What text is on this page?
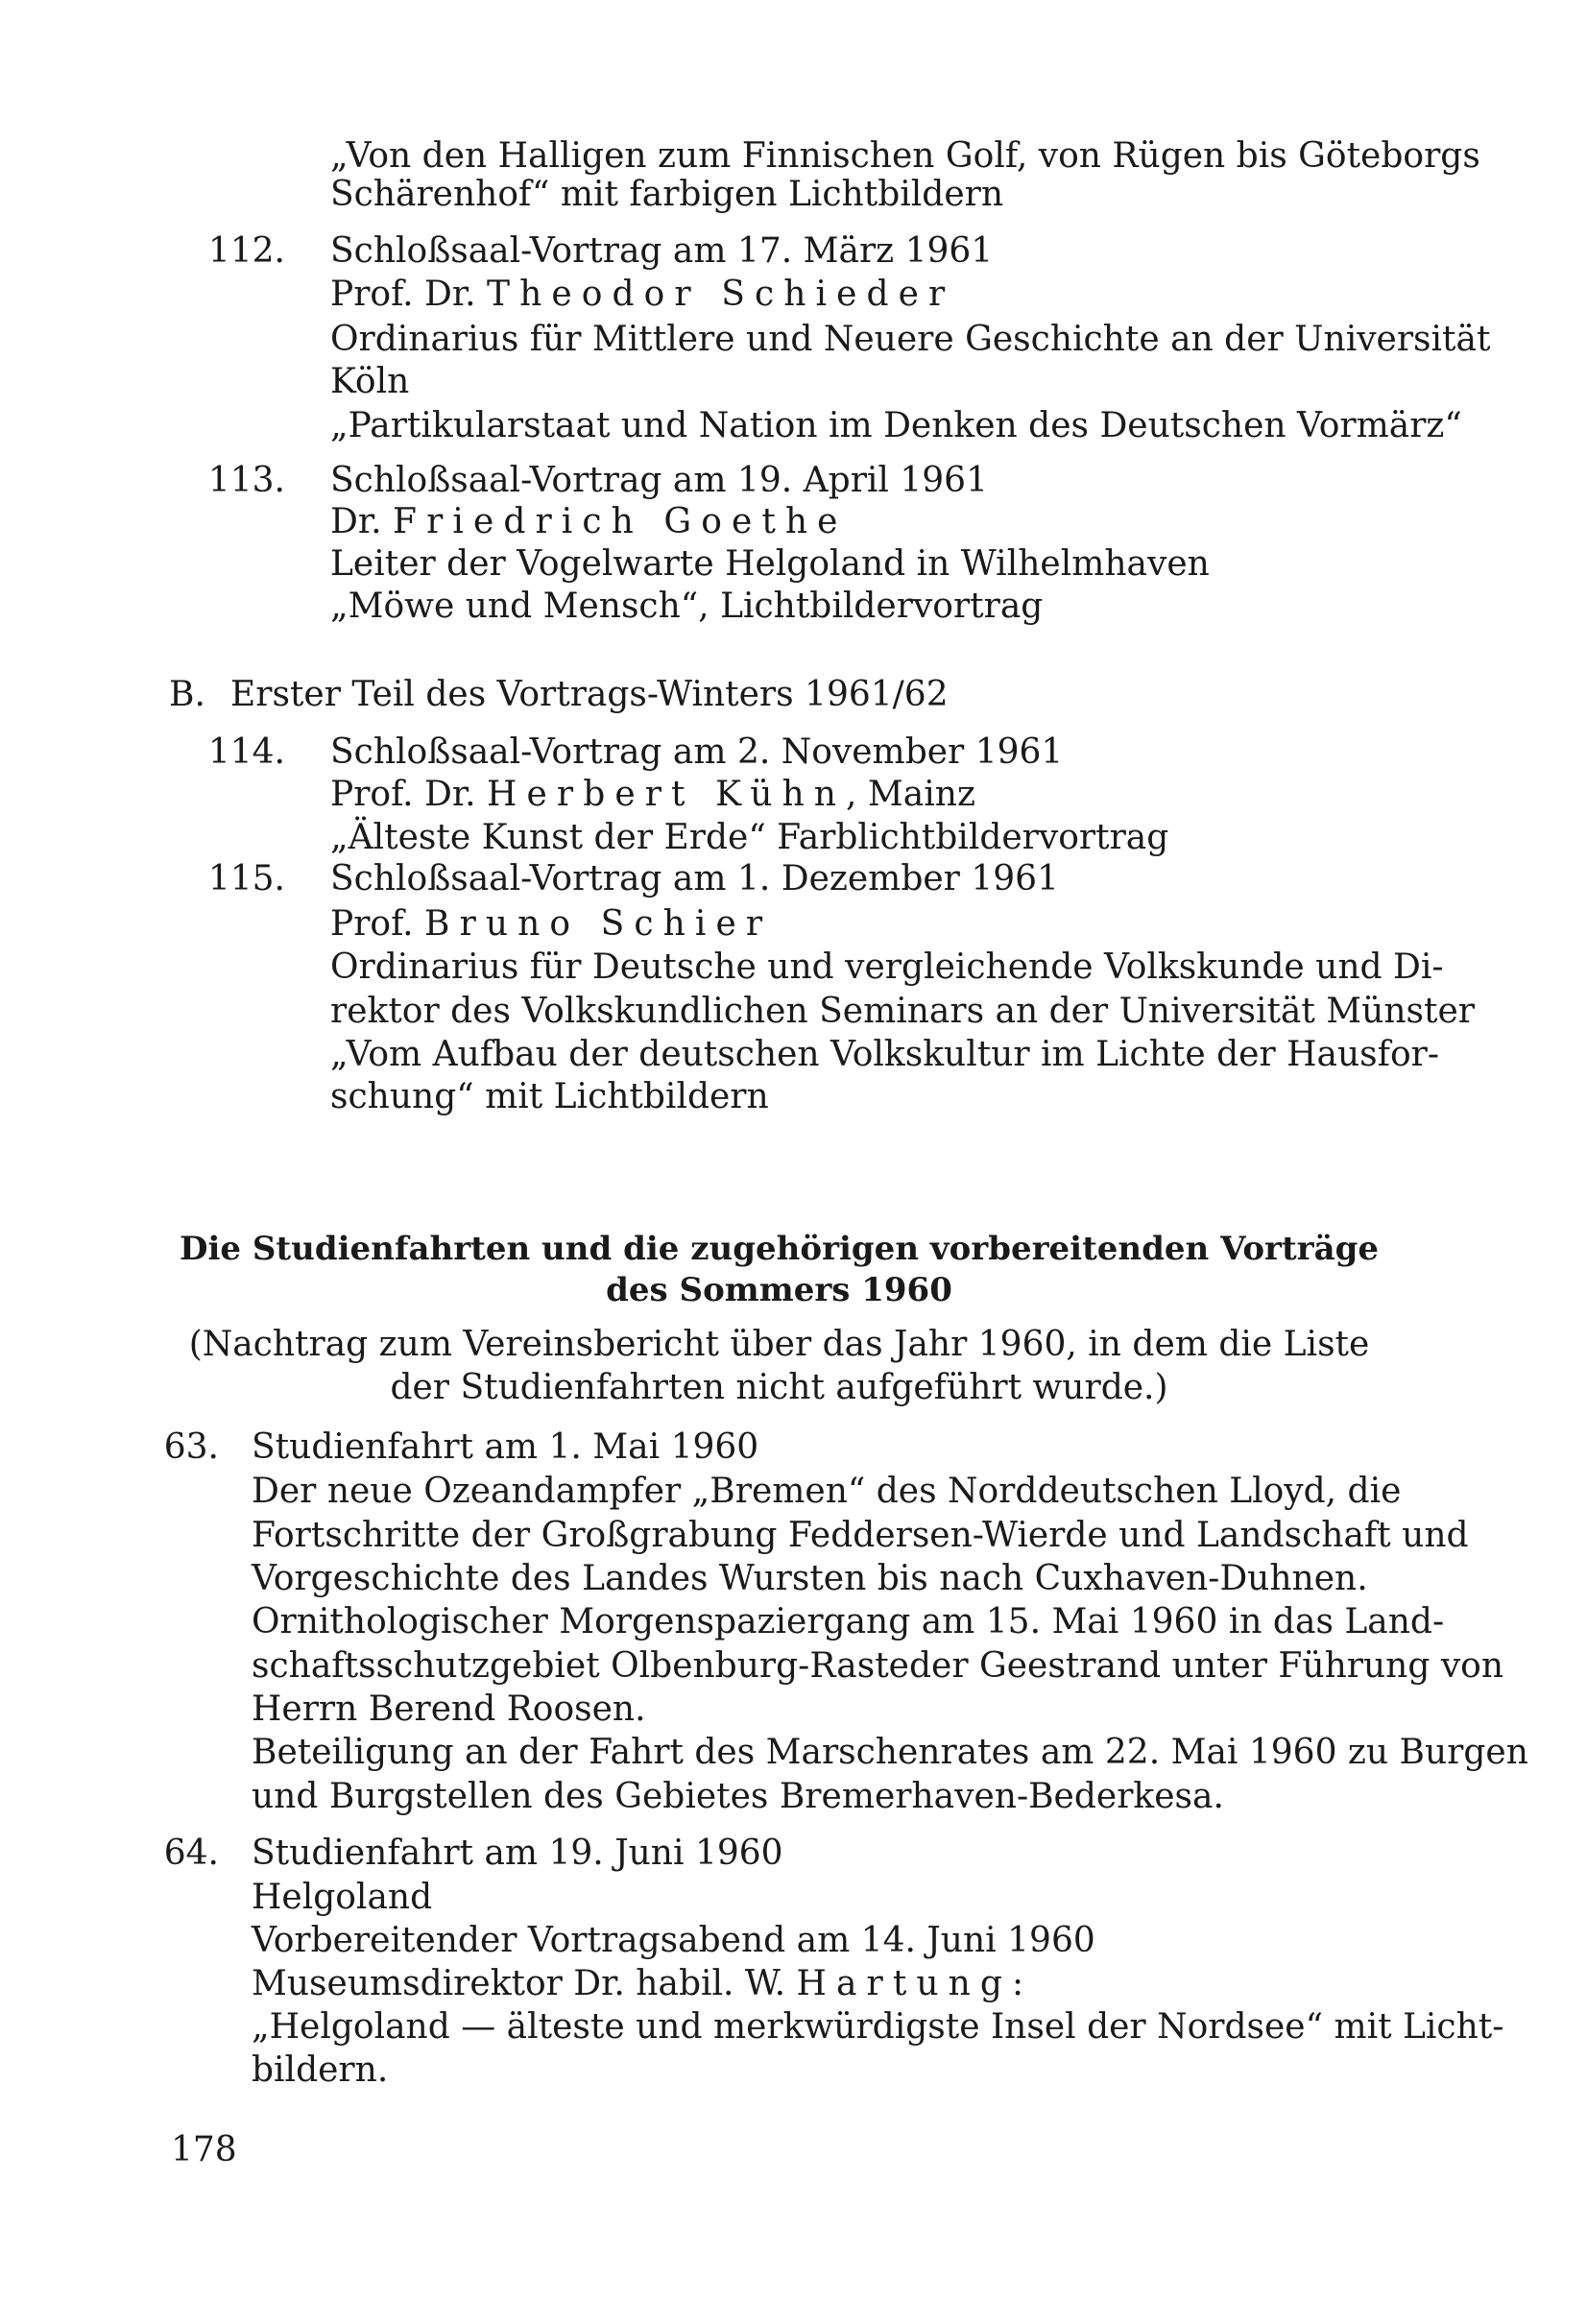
„Von den Halligen zum Finnischen Golf, von Rügen bis Göteborgs
Schärenhof“ mit farbigen Lichtbildern
112. Schloßsaal-Vortrag am 17. März 1961
Prof. Dr. Theodor Schieder
Ordinarius für Mittlere und Neuere Geschichte an der Universität
Köln
„Partikularstaat und Nation im Denken des Deutschen Vormärz“
113. Schloßsaal-Vortrag am 19. April 1961
Dr. Friedrich Goethe
Leiter der Vogelwarte Helgoland in Wilhelmhaven
„Möwe und Mensch“, Lichtbildervortrag
B. Erster Teil des Vortrags-Winters 1961/62
114. Schloßsaal-Vortrag am 2. November 1961
Prof. Dr. Herbert Kühn, Mainz
„Älteste Kunst der Erde“ Farblichtbildervortrag
115. Schloßsaal-Vortrag am 1. Dezember 1961
Prof. Bruno Schier
Ordinarius für Deutsche und vergleichende Volkskunde und Di-
rektor des Volkskundlichen Seminars an der Universität Münster
„Vom Aufbau der deutschen Volkskultur im Lichte der Hausfor-
schung“ mit Lichtbildern
Die Studienfahrten und die zugehörigen vorbereitenden Vorträge
des Sommers 1960
(Nachtrag zum Vereinsbericht über das Jahr 1960, in dem die Liste
der Studienfahrten nicht aufgeführt wurde.)
63. Studienfahrt am 1. Mai 1960
Der neue Ozeandampfer „Bremen“ des Norddeutschen Lloyd, die
Fortschritte der Großgrabung Feddersen-Wierde und Landschaft und
Vorgeschichte des Landes Wursten bis nach Cuxhaven-Duhnen.
Ornithologischer Morgenspaziergang am 15. Mai 1960 in das Land-
schaftsschutzgebiet Olbenburg-Rasteder Geestrand unter Führung von
Herrn Berend Roosen.
Beteiligung an der Fahrt des Marschenrates am 22. Mai 1960 zu Burgen
und Burgstellen des Gebietes Bremerhaven-Bederkesa.
64. Studienfahrt am 19. Juni 1960
Helgoland
Vorbereitender Vortragsabend am 14. Juni 1960
Museumsdirektor Dr. habil. W. Hartung:
„Helgoland — älteste und merkwürdigste Insel der Nordsee“ mit Licht-
bildern.
178
